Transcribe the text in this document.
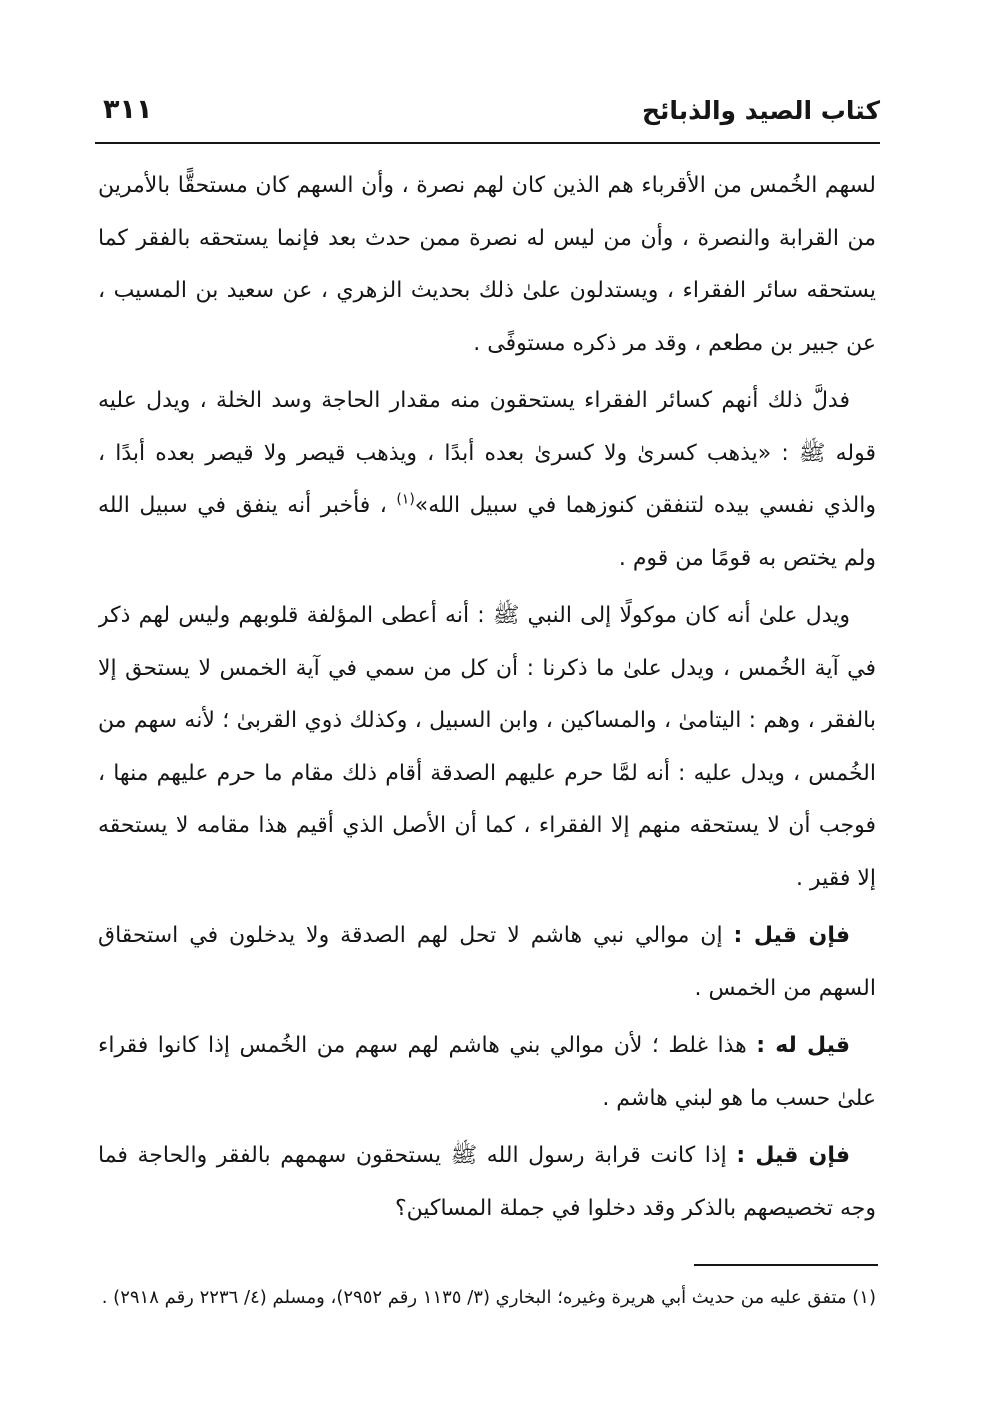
كتاب الصيد والذبائح
٣١١

لسهم الخُمس من الأقرباء هم الذين كان لهم نصرة ، وأن السهم كان مستحقًّا بالأمرين من القرابة والنصرة ، وأن من ليس له نصرة ممن حدث بعد فإنما يستحقه بالفقر كما يستحقه سائر الفقراء ، ويستدلون علىٰ ذلك بحديث الزهري ، عن سعيد بن المسيب ، عن جبير بن مطعم ، وقد مر ذكره مستوفًى .

فدلَّ ذلك أنهم كسائر الفقراء يستحقون منه مقدار الحاجة وسد الخلة ، ويدل عليه قوله ﷺ : «يذهب كسرىٰ ولا كسرىٰ بعده أبدًا ، ويذهب قيصر ولا قيصر بعده أبدًا ، والذي نفسي بيده لتنفقن كنوزهما في سبيل الله»$^{(١)}$ ، فأخبر أنه ينفق في سبيل الله ولم يختص به قومًا من قوم .

ويدل علىٰ أنه كان موكولًا إلى النبي ﷺ : أنه أعطى المؤلفة قلوبهم وليس لهم ذكر في آية الخُمس ، ويدل علىٰ ما ذكرنا : أن كل من سمي في آية الخمس لا يستحق إلا بالفقر ، وهم : اليتامىٰ ، والمساكين ، وابن السبيل ، وكذلك ذوي القربىٰ ؛ لأنه سهم من الخُمس ، ويدل عليه : أنه لمَّا حرم عليهم الصدقة أقام ذلك مقام ما حرم عليهم منها ، فوجب أن لا يستحقه منهم إلا الفقراء ، كما أن الأصل الذي أقيم هذا مقامه لا يستحقه إلا فقير .

فإن قيل : إن موالي نبي هاشم لا تحل لهم الصدقة ولا يدخلون في استحقاق السهم من الخمس .

قيل له : هذا غلط ؛ لأن موالي بني هاشم لهم سهم من الخُمس إذا كانوا فقراء علىٰ حسب ما هو لبني هاشم .

فإن قيل : إذا كانت قرابة رسول الله ﷺ يستحقون سهمهم بالفقر والحاجة فما وجه تخصيصهم بالذكر وقد دخلوا في جملة المساكين؟

(١) متفق عليه من حديث أبي هريرة وغيره؛ البخاري (٣/ ١١٣٥ رقم ٢٩٥٢)، ومسلم (٤/ ٢٢٣٦ رقم ٢٩١٨) .
